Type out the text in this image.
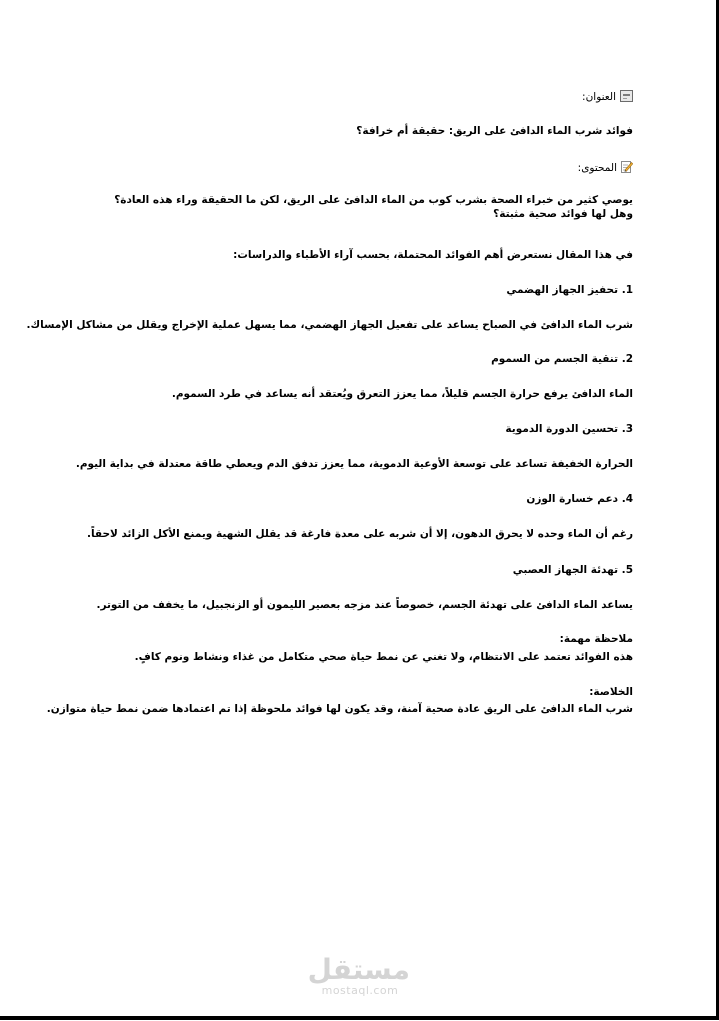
العنوان:
فوائد شرب الماء الدافئ على الريق: حقيقة أم خرافة؟
المحتوى:
يوصي كثير من خبراء الصحة بشرب كوب من الماء الدافئ على الريق، لكن ما الحقيقة وراء هذه العادة؟ وهل لها فوائد صحية مثبتة؟
في هذا المقال نستعرض أهم الفوائد المحتملة، بحسب آراء الأطباء والدراسات:
1. تحفيز الجهاز الهضمي
شرب الماء الدافئ في الصباح يساعد على تفعيل الجهاز الهضمي، مما يسهل عملية الإخراج ويقلل من مشاكل الإمساك.
2. تنقية الجسم من السموم
الماء الدافئ يرفع حرارة الجسم قليلاً، مما يعزز التعرق ويُعتقد أنه يساعد في طرد السموم.
3. تحسين الدورة الدموية
الحرارة الخفيفة تساعد على توسعة الأوعية الدموية، مما يعزز تدفق الدم ويعطي طاقة معتدلة في بداية اليوم.
4. دعم خسارة الوزن
رغم أن الماء وحده لا يحرق الدهون، إلا أن شربه على معدة فارغة قد يقلل الشهية ويمنع الأكل الزائد لاحقاً.
5. تهدئة الجهاز العصبي
يساعد الماء الدافئ على تهدئة الجسم، خصوصاً عند مزجه بعصير الليمون أو الزنجبيل، ما يخفف من التوتر.
ملاحظة مهمة:
هذه الفوائد تعتمد على الانتظام، ولا تغني عن نمط حياة صحي متكامل من غذاء ونشاط ونوم كافٍ.
الخلاصة:
شرب الماء الدافئ على الريق عادة صحية آمنة، وقد يكون لها فوائد ملحوظة إذا تم اعتمادها ضمن نمط حياة متوازن.
مستقل
mostaql.com
